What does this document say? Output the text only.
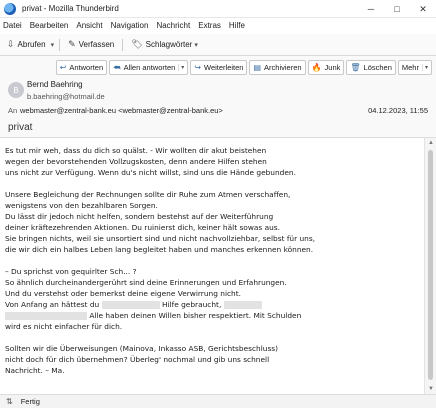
privat - Mozilla Thunderbird	─	□	✕
Datei Bearbeiten Ansicht Navigation Nachricht Extras Hilfe
⇩ Abrufen ▾ ✎ Verfassen 🏷 Schlagwörter ▾
↩ Antworten ⮪ Allen antworten	▾ ↪ Weiterleiten ▤ Archivieren 🔥 Junk 🗑 Löschen Mehr	▾
B
Bernd Baehring
b.baehring@hotmail.de
An webmaster@zentral-bank.eu <webmaster@zentral-bank.eu>	04.12.2023, 11:55
privat
Es tut mir weh, dass du dich so quälst. - Wir wollten dir akut beistehen
wegen der bevorstehenden Vollzugskosten, denn andere Hilfen stehen
uns nicht zur Verfügung. Wenn du's nicht willst, sind uns die Hände gebunden.
Unsere Begleichung der Rechnungen sollte dir Ruhe zum Atmen verschaffen,
wenigstens von den bezahlbaren Sorgen.
Du lässt dir jedoch nicht helfen, sondern bestehst auf der Weiterführung
deiner kräftezehrenden Aktionen. Du ruinierst dich, keiner hält sowas aus.
Sie bringen nichts, weil sie unsortiert sind und nicht nachvollziehbar, selbst für uns,
die wir dich ein halbes Leben lang begleitet haben und manches erkennen können.
– Du sprichst von gequirlter Sch... ?
So ähnlich durcheinandergerührt sind deine Erinnerungen und Erfahrungen.
Und du verstehst oder bemerkst deine eigene Verwirrung nicht.
Von Anfang an hättest du	Hilfe gebraucht,
Alle haben deinen Willen bisher respektiert. Mit Schulden
wird es nicht einfacher für dich.
Sollten wir die Überweisungen (Mainova, Inkasso ASB, Gerichtsbeschluss)
nicht doch für dich übernehmen? Überleg' nochmal und gib uns schnell
Nachricht. – Ma.
▲
▼
⇅ Fertig
